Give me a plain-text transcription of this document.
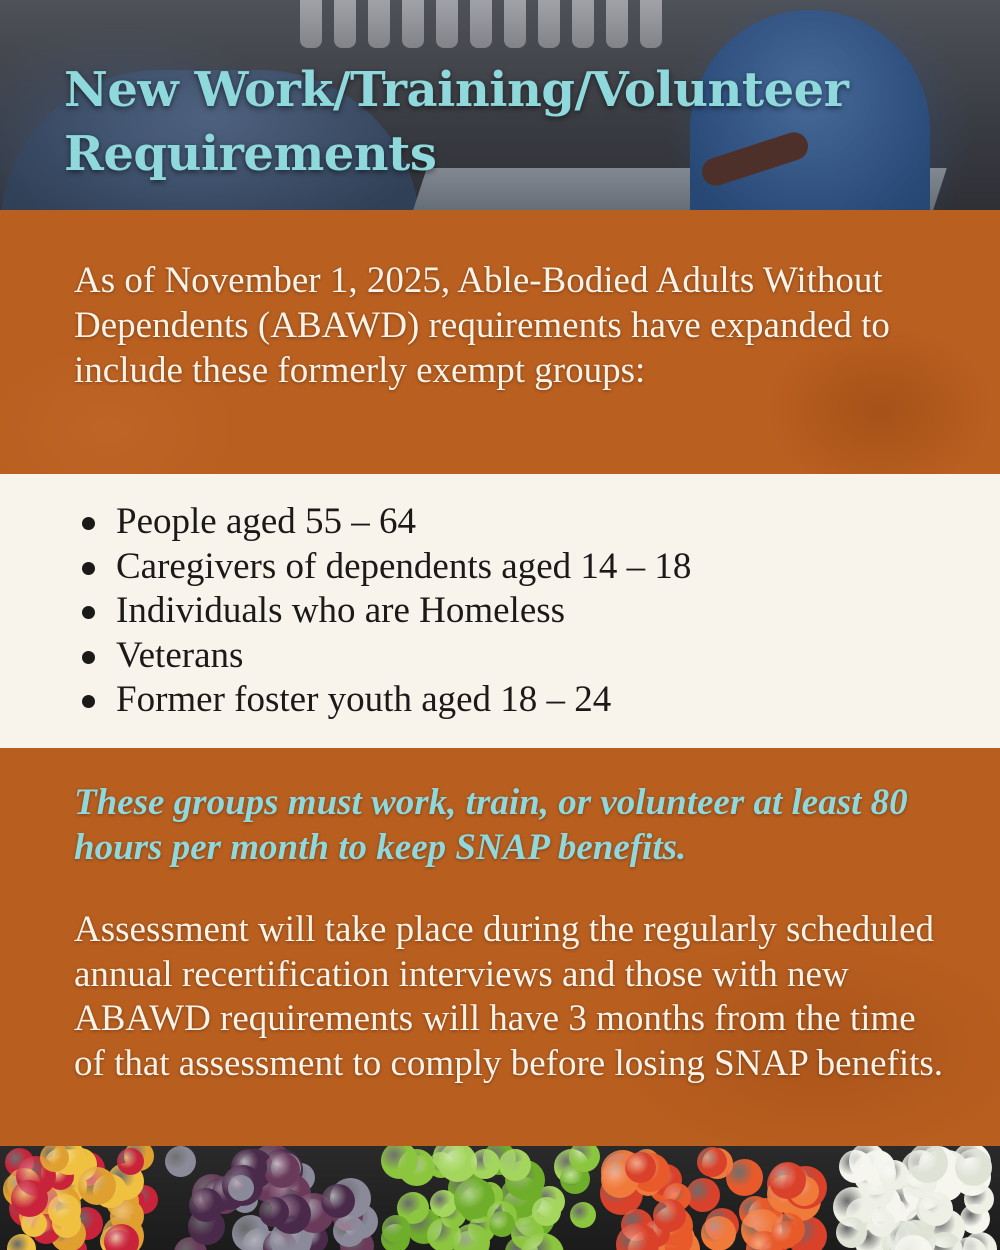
New Work/Training/Volunteer Requirements

As of November 1, 2025, Able-Bodied Adults Without Dependents (ABAWD) requirements have expanded to include these formerly exempt groups:

People aged 55 – 64
Caregivers of dependents aged 14 – 18
Individuals who are Homeless
Veterans
Former foster youth aged 18 – 24

These groups must work, train, or volunteer at least 80 hours per month to keep SNAP benefits.

Assessment will take place during the regularly scheduled annual recertification interviews and those with new ABAWD requirements will have 3 months from the time of that assessment to comply before losing SNAP benefits.
